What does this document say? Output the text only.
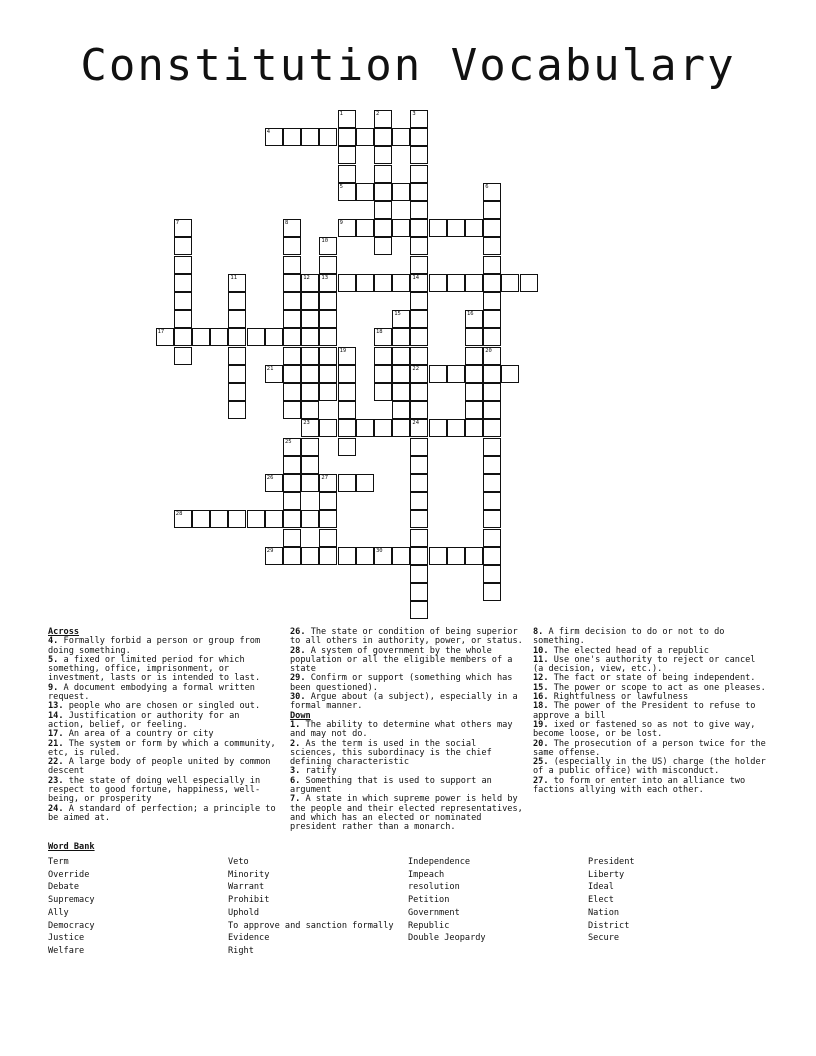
Constitution Vocabulary
1
5
2	3
14
22
24
4
6
7	8	9
10
13
11	12
23
15	16
17	18
19	20
21
25
26	27
28
29	30

Across

4. Formally forbid a person or group from doing something.

5. a fixed or limited period for which something, office, imprisonment, or investment, lasts or is intended to last.

9. A document embodying a formal written request.

13. people who are chosen or singled out.

14. Justification or authority for an action, belief, or feeling.

17. An area of a country or city

21. The system or form by which a community, etc, is ruled.

22. A large body of people united by common descent

23. the state of doing well especially in respect to good fortune, happiness, well-being, or prosperity

24. A standard of perfection; a principle to be aimed at.

26. The state or condition of being superior to all others in authority, power, or status.

28. A system of government by the whole population or all the eligible members of a state

29. Confirm or support (something which has been questioned).

30. Argue about (a subject), especially in a formal manner.

Down

1. The ability to determine what others may and may not do.

2. As the term is used in the social sciences, this subordinacy is the chief defining characteristic

3. ratify

6. Something that is used to support an argument

7. A state in which supreme power is held by the people and their elected representatives, and which has an elected or nominated president rather than a monarch.

8. A firm decision to do or not to do something.

10. The elected head of a republic

11. Use one's authority to reject or cancel (a decision, view, etc.).

12. The fact or state of being independent.

15. The power or scope to act as one pleases.

16. Rightfulness or lawfulness

18. The power of the President to refuse to approve a bill

19. ixed or fastened so as not to give way, become loose, or be lost.

20. The prosecution of a person twice for the same offense.

25. (especially in the US) charge (the holder of a public office) with misconduct.

27. to form or enter into an alliance two factions allying with each other.

Word Bank
Term
Override
Debate
Supremacy
Ally
Democracy
Justice
Welfare
Veto
Minority
Warrant
Prohibit
Uphold
To approve and sanction formally
Evidence
Right
Independence
Impeach
resolution
Petition
Government
Republic
Double Jeopardy
President
Liberty
Ideal
Elect
Nation
District
Secure
